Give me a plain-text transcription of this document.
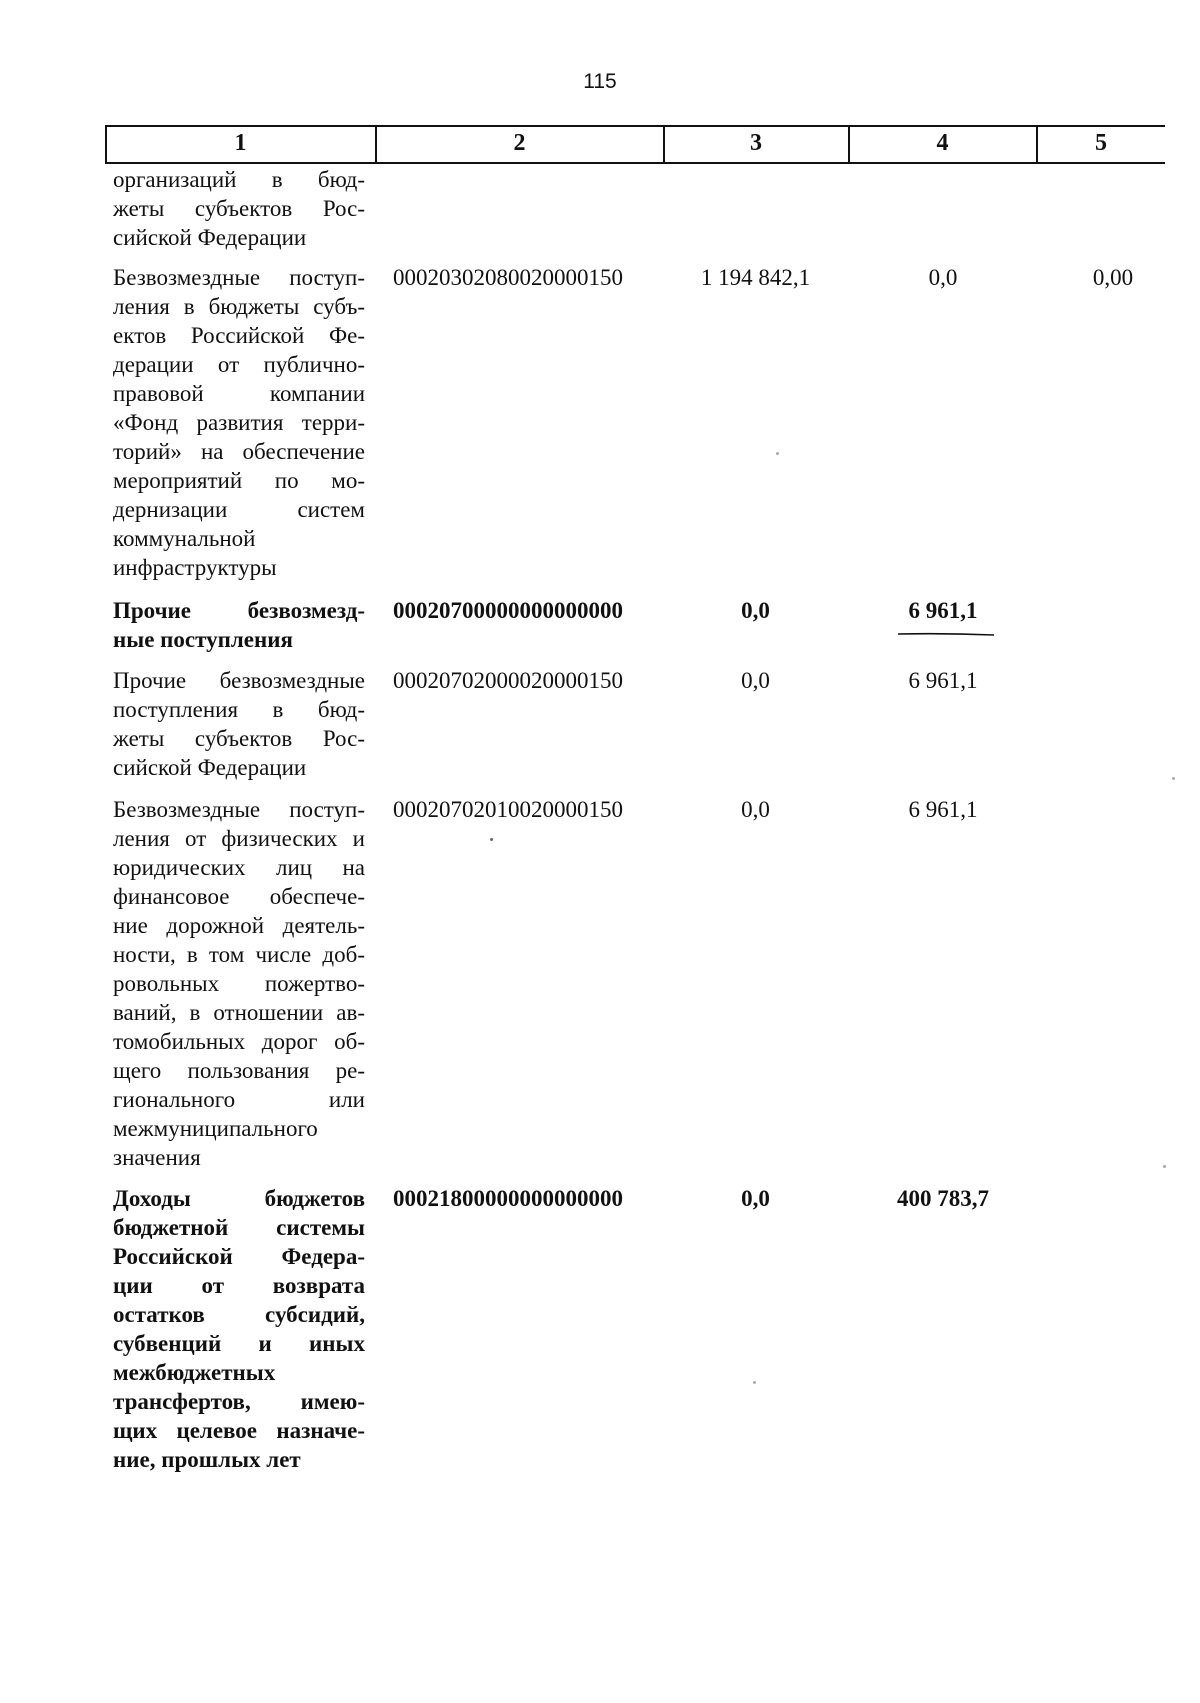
115
1	2	3	4	5
организаций в бюд-
жеты субъектов Рос-
сийской Федерации
Безвозмездные поступ-
ления в бюджеты субъ-
ектов Российской Фе-
дерации от публично-
правовой компании
«Фонд развития терри-
торий» на обеспечение
мероприятий по мо-
дернизации систем
коммунальной
инфраструктуры
00020302080020000150	1 194 842,1	0,0	0,00
Прочие безвозмезд-
ные поступления
00020700000000000000	0,0	6 961,1
Прочие безвозмездные
поступления в бюд-
жеты субъектов Рос-
сийской Федерации
00020702000020000150	0,0	6 961,1
Безвозмездные поступ-
ления от физических и
юридических лиц на
финансовое обеспече-
ние дорожной деятель-
ности, в том числе доб-
ровольных пожертво-
ваний, в отношении ав-
томобильных дорог об-
щего пользования ре-
гионального или
межмуниципального
значения
00020702010020000150	0,0	6 961,1
Доходы бюджетов
бюджетной системы
Российской Федера-
ции от возврата
остатков субсидий,
субвенций и иных
межбюджетных
трансфертов, имею-
щих целевое назначе-
ние, прошлых лет
00021800000000000000	0,0	400 783,7
